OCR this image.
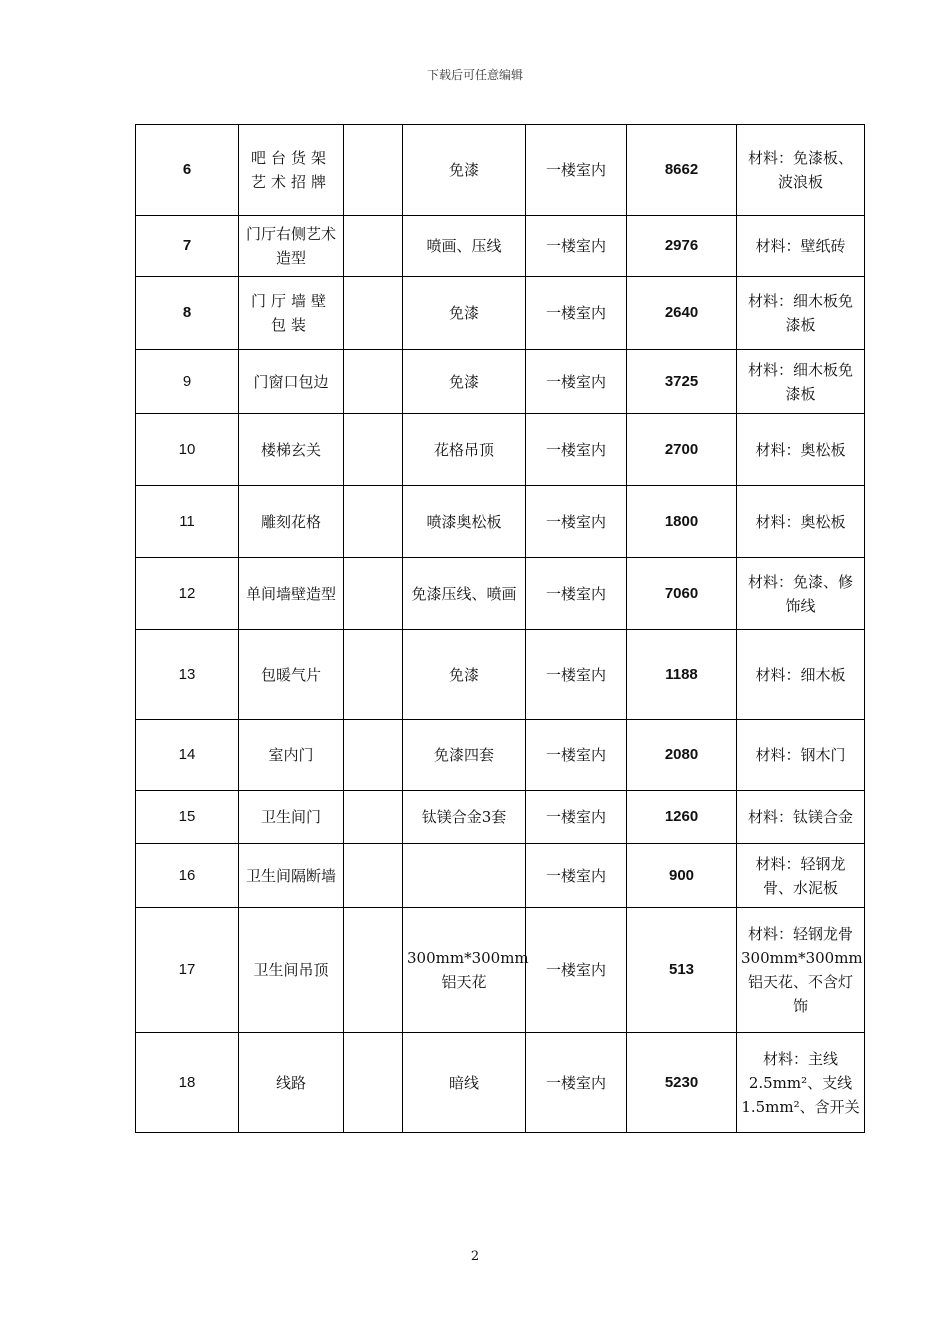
下载后可任意编辑
6	吧台货架艺术招牌		免漆	一楼室内	8662	材料：免漆板、波浪板
7	门厅右侧艺术造型		喷画、压线	一楼室内	2976	材料：壁纸砖
8	门厅墙壁包装		免漆	一楼室内	2640	材料：细木板免漆板
9	门窗口包边		免漆	一楼室内	3725	材料：细木板免漆板
10	楼梯玄关		花格吊顶	一楼室内	2700	材料：奥松板
11	雕刻花格		喷漆奥松板	一楼室内	1800	材料：奥松板
12	单间墙壁造型		免漆压线、喷画	一楼室内	7060	材料：免漆、修饰线
13	包暖气片		免漆	一楼室内	1188	材料：细木板
14	室内门		免漆四套	一楼室内	2080	材料：钢木门
15	卫生间门		钛镁合金3套	一楼室内	1260	材料：钛镁合金
16	卫生间隔断墙			一楼室内	900	材料：轻钢龙骨、水泥板
17	卫生间吊顶		300mm*300mm铝天花	一楼室内	513	材料：轻钢龙骨300mm*300mm铝天花、不含灯饰
18	线路		暗线	一楼室内	5230	材料：主线2.5mm²、支线1.5mm²、含开关
2
